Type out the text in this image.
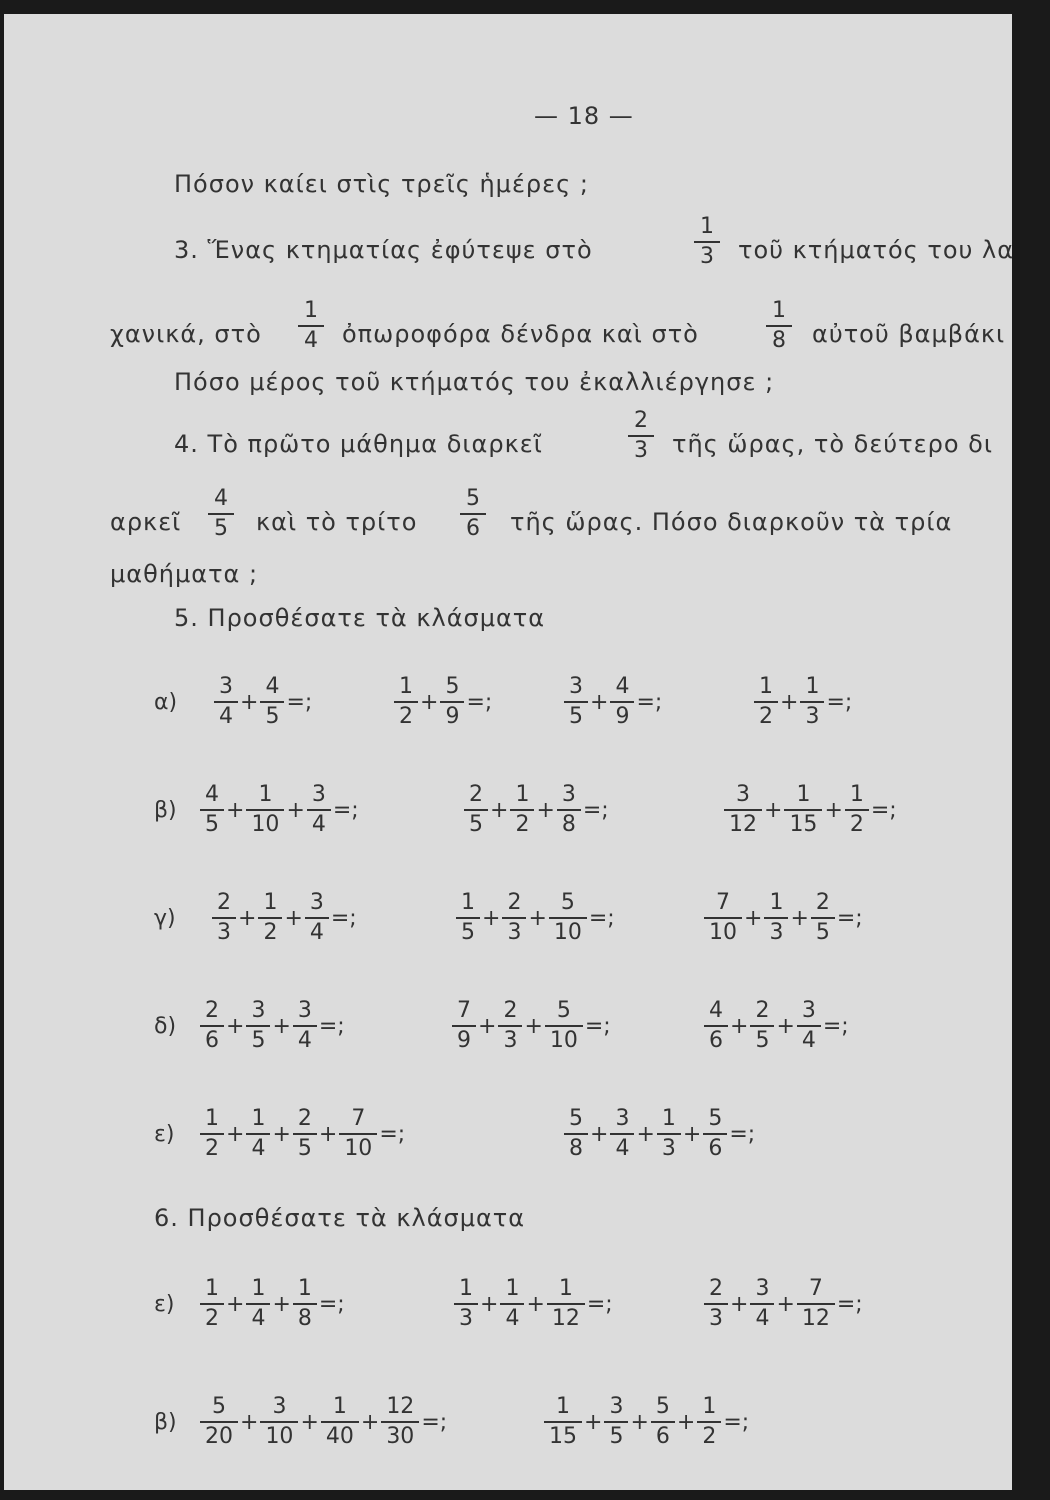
— 18 —
Πόσον καίει στὶς τρεῖς ἡμέρες ;
3. Ἕνας κτηματίας ἐφύτεψε στὸ
1
3 τοῦ κτήματός του λα
χανικά, στὸ
1
4 ὀπωροφόρα δένδρα καὶ στὸ
1
8 αὐτοῦ βαμβάκι
Πόσο μέρος τοῦ κτήματός του ἐκαλλιέργησε ;
4. Τὸ πρῶτο μάθημα διαρκεῖ
2
3 τῆς ὥρας, τὸ δεύτερο δι
αρκεῖ
4
5 καὶ τὸ τρίτο
5
6 τῆς ὥρας. Πόσο διαρκοῦν τὰ τρία
μαθήματα ;
5. Προσθέσατε τὰ κλάσματα
α)
3
4
+
4
5
=;
1
2
+
5
9
=;
3
5
+
4
9
=;
1
2
+
1
3
=;
β)
4
5
+
1
10
+
3
4
=;
2
5
+
1
2
+
3
8
=;
3
12
+
1
15
+
1
2
=;
γ)
2
3
+
1
2
+
3
4
=;
1
5
+
2
3
+
5
10
=;
7
10
+
1
3
+
2
5
=;
δ)
2
6
+
3
5
+
3
4
=;
7
9
+
2
3
+
5
10
=;
4
6
+
2
5
+
3
4
=;
ε)
1
2
+
1
4
+
2
5
+
7
10
=;
5
8
+
3
4
+
1
3
+
5
6
=;
6. Προσθέσατε τὰ κλάσματα
ε)
1
2
+
1
4
+
1
8
=;
1
3
+
1
4
+
1
12
=;
2
3
+
3
4
+
7
12
=;
β)
5
20
+
3
10
+
1
40
+
12
30
=;
1
15
+
3
5
+
5
6
+
1
2
=;
